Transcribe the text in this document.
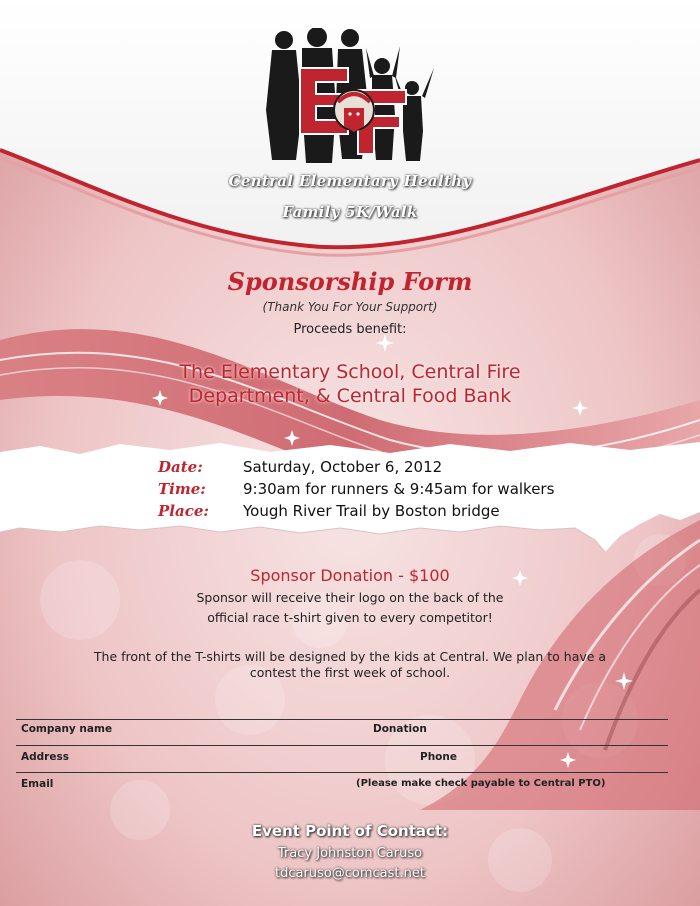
Central Elementary Healthy
Family 5K/Walk
Sponsorship Form
(Thank You For Your Support)
Proceeds benefit:
The Elementary School, Central Fire
Department, & Central Food Bank
Date:	Saturday, October 6, 2012
Time:	9:30am for runners & 9:45am for walkers
Place:	Yough River Trail by Boston bridge
Sponsor Donation - $100
Sponsor will receive their logo on the back of the
official race t-shirt given to every competitor!
The front of the T-shirts will be designed by the kids at Central. We plan to have a
contest the first week of school.
Company name	Donation
Address	Phone
Email	(Please make check payable to Central PTO)
Event Point of Contact:
Tracy Johnston Caruso
tdcaruso@comcast.net
